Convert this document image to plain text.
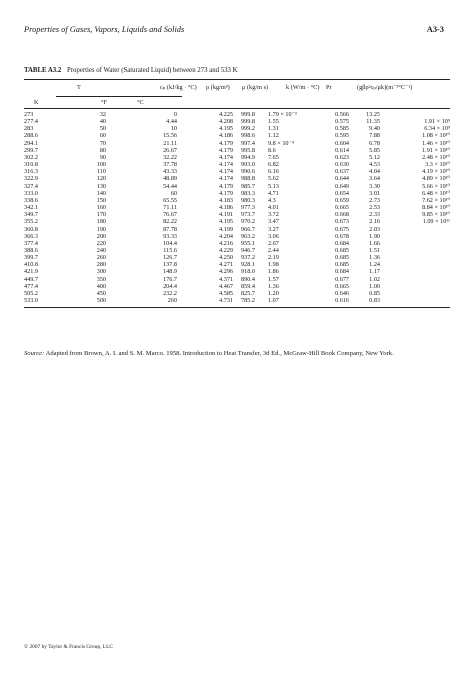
Properties of Gases, Vapors, Liquids and Solids	A3-3
TABLE A3.2 Properties of Water (Saturated Liquid) between 273 and 533 K
T	cₚ (kJ/kg · °C)	ρ (kg/m³) μ (kg/m s)	k (W/m · °C)	Pr	(gβρ²cₚ/μk)(m⁻³°C⁻¹)
K	°F	°C
273	32	0	4.225	999.8	1.79 × 10⁻³	0.566	13.25	
277.4	40	4.44	4.208	999.8	1.55	0.575	11.35	1.91 × 10⁹
283	50	10	4.195	999.2	1.31	0.585	9.40	6.34 × 10⁹
288.6	60	15.56	4.186	998.6	1.12	0.595	7.88	1.08 × 10¹⁰
294.1	70	21.11	4.179	997.4	9.8 × 10⁻⁴	0.604	6.78	1.46 × 10¹⁰
299.7	80	26.67	4.179	995.8	8.6	0.614	5.85	1.91 × 10¹⁰
302.2	90	32.22	4.174	994.9	7.65	0.623	5.12	2.48 × 10¹⁰
310.8	100	37.78	4.174	993.0	6.82	0.630	4.53	3.3 × 10¹⁰
316.3	110	43.33	4.174	990.6	6.16	0.637	4.04	4.19 × 10¹⁰
322.9	120	48.89	4.174	988.8	5.62	0.644	3.64	4.89 × 10¹⁰
327.4	130	54.44	4.179	985.7	5.13	0.649	3.30	5.66 × 10¹⁰
333.0	140	60	4.179	983.3	4.71	0.654	3.01	6.48 × 10¹⁰
338.6	150	65.55	4.183	980.3	4.3	0.659	2.73	7.62 × 10¹⁰
342.1	160	71.11	4.186	977.3	4.01	0.665	2.53	8.84 × 10¹⁰
349.7	170	76.67	4.191	973.7	3.72	0.668	2.33	9.85 × 10¹⁰
355.2	180	82.22	4.195	970.2	3.47	0.673	2.16	1.09 × 10¹¹
360.8	190	87.78	4.199	966.7	3.27	0.675	2.03	
366.3	200	93.33	4.204	963.2	3.06	0.678	1.90	
377.4	220	104.4	4.216	955.1	2.67	0.684	1.66	
388.6	240	115.6	4.229	946.7	2.44	0.685	1.51	
399.7	260	126.7	4.250	937.2	2.19	0.685	1.36	
410.8	280	137.8	4.271	928.1	1.98	0.685	1.24	
421.9	300	148.9	4.296	918.0	1.86	0.684	1.17	
449.7	350	176.7	4.371	890.4	1.57	0.677	1.02	
477.4	400	204.4	4.467	859.4	1.36	0.665	1.00	
505.2	450	232.2	4.585	825.7	1.20	0.646	0.85	
533.0	500	260	4.731	785.2	1.07	0.616	0.83	
Source: Adapted from Brown, A. I. and S. M. Marco. 1958. Introduction to Heat Transfer, 3d Ed., McGraw-Hill Book Company, New York.
© 2007 by Taylor & Francis Group, LLC
